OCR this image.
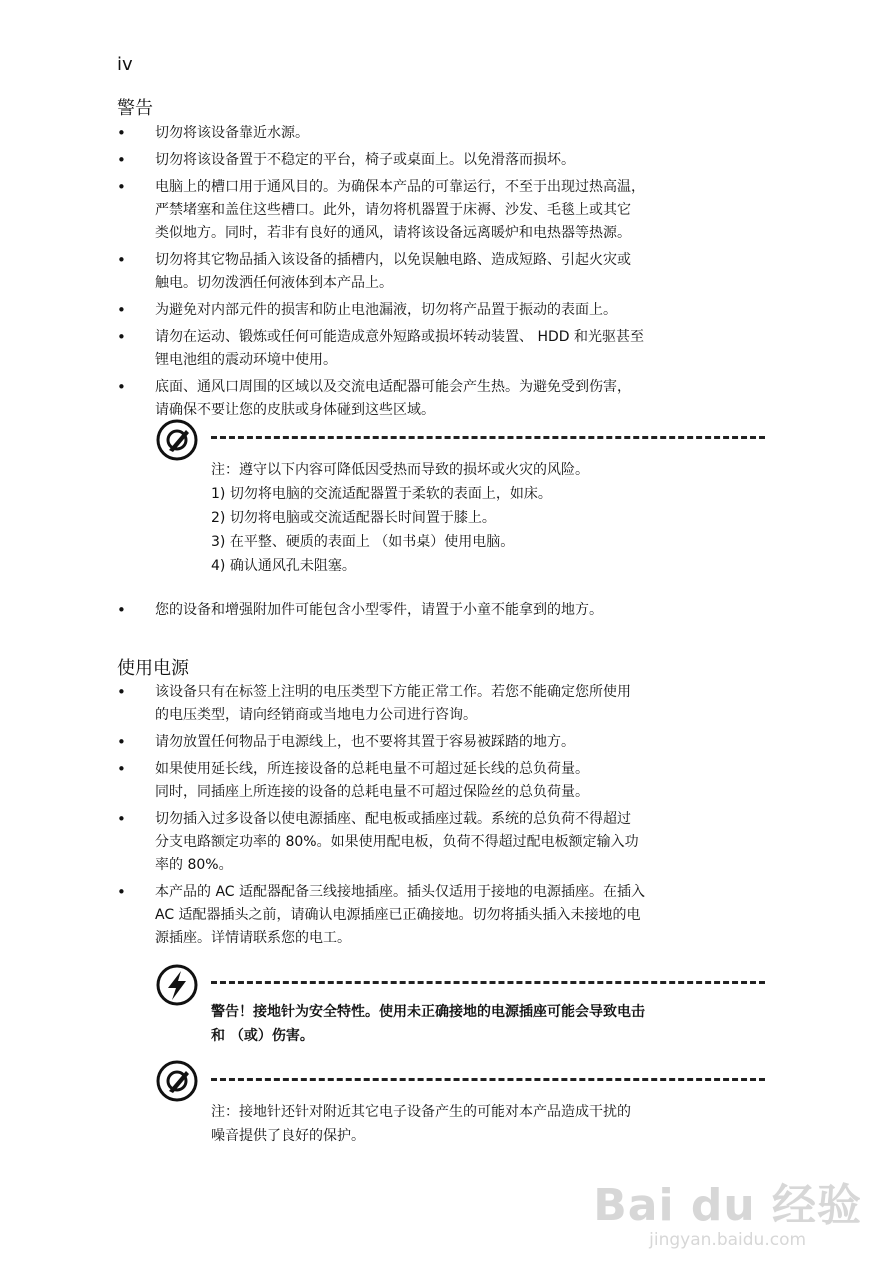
iv
警告
• 切勿将该设备靠近水源。
• 切勿将该设备置于不稳定的平台，椅子或桌面上。以免滑落而损坏。
• 电脑上的槽口用于通风目的。为确保本产品的可靠运行，不至于出现过热高温，
严禁堵塞和盖住这些槽口。此外，请勿将机器置于床褥、沙发、毛毯上或其它
类似地方。同时，若非有良好的通风，请将该设备远离暖炉和电热器等热源。
• 切勿将其它物品插入该设备的插槽内，以免误触电路、造成短路、引起火灾或
触电。切勿泼洒任何液体到本产品上。
• 为避免对内部元件的损害和防止电池漏液，切勿将产品置于振动的表面上。
• 请勿在运动、锻炼或任何可能造成意外短路或损坏转动装置、 HDD 和光驱甚至
锂电池组的震动环境中使用。
• 底面、通风口周围的区域以及交流电适配器可能会产生热。为避免受到伤害，
请确保不要让您的皮肤或身体碰到这些区域。
注：遵守以下内容可降低因受热而导致的损坏或火灾的风险。
1) 切勿将电脑的交流适配器置于柔软的表面上，如床。
2) 切勿将电脑或交流适配器长时间置于膝上。
3) 在平整、硬质的表面上 （如书桌）使用电脑。
4) 确认通风孔未阻塞。
• 您的设备和增强附加件可能包含小型零件，请置于小童不能拿到的地方。
使用电源
• 该设备只有在标签上注明的电压类型下方能正常工作。若您不能确定您所使用
的电压类型，请向经销商或当地电力公司进行咨询。
• 请勿放置任何物品于电源线上，也不要将其置于容易被踩踏的地方。
• 如果使用延长线，所连接设备的总耗电量不可超过延长线的总负荷量。
同时，同插座上所连接的设备的总耗电量不可超过保险丝的总负荷量。
• 切勿插入过多设备以使电源插座、配电板或插座过载。系统的总负荷不得超过
分支电路额定功率的 80%。如果使用配电板，负荷不得超过配电板额定输入功
率的 80%。
• 本产品的 AC 适配器配备三线接地插座。插头仅适用于接地的电源插座。在插入
AC 适配器插头之前，请确认电源插座已正确接地。切勿将插头插入未接地的电
源插座。详情请联系您的电工。
警告！接地针为安全特性。使用未正确接地的电源插座可能会导致电击
和 （或）伤害。
注：接地针还针对附近其它电子设备产生的可能对本产品造成干扰的
噪音提供了良好的保护。
Bai du 经验
jingyan.baidu.com
